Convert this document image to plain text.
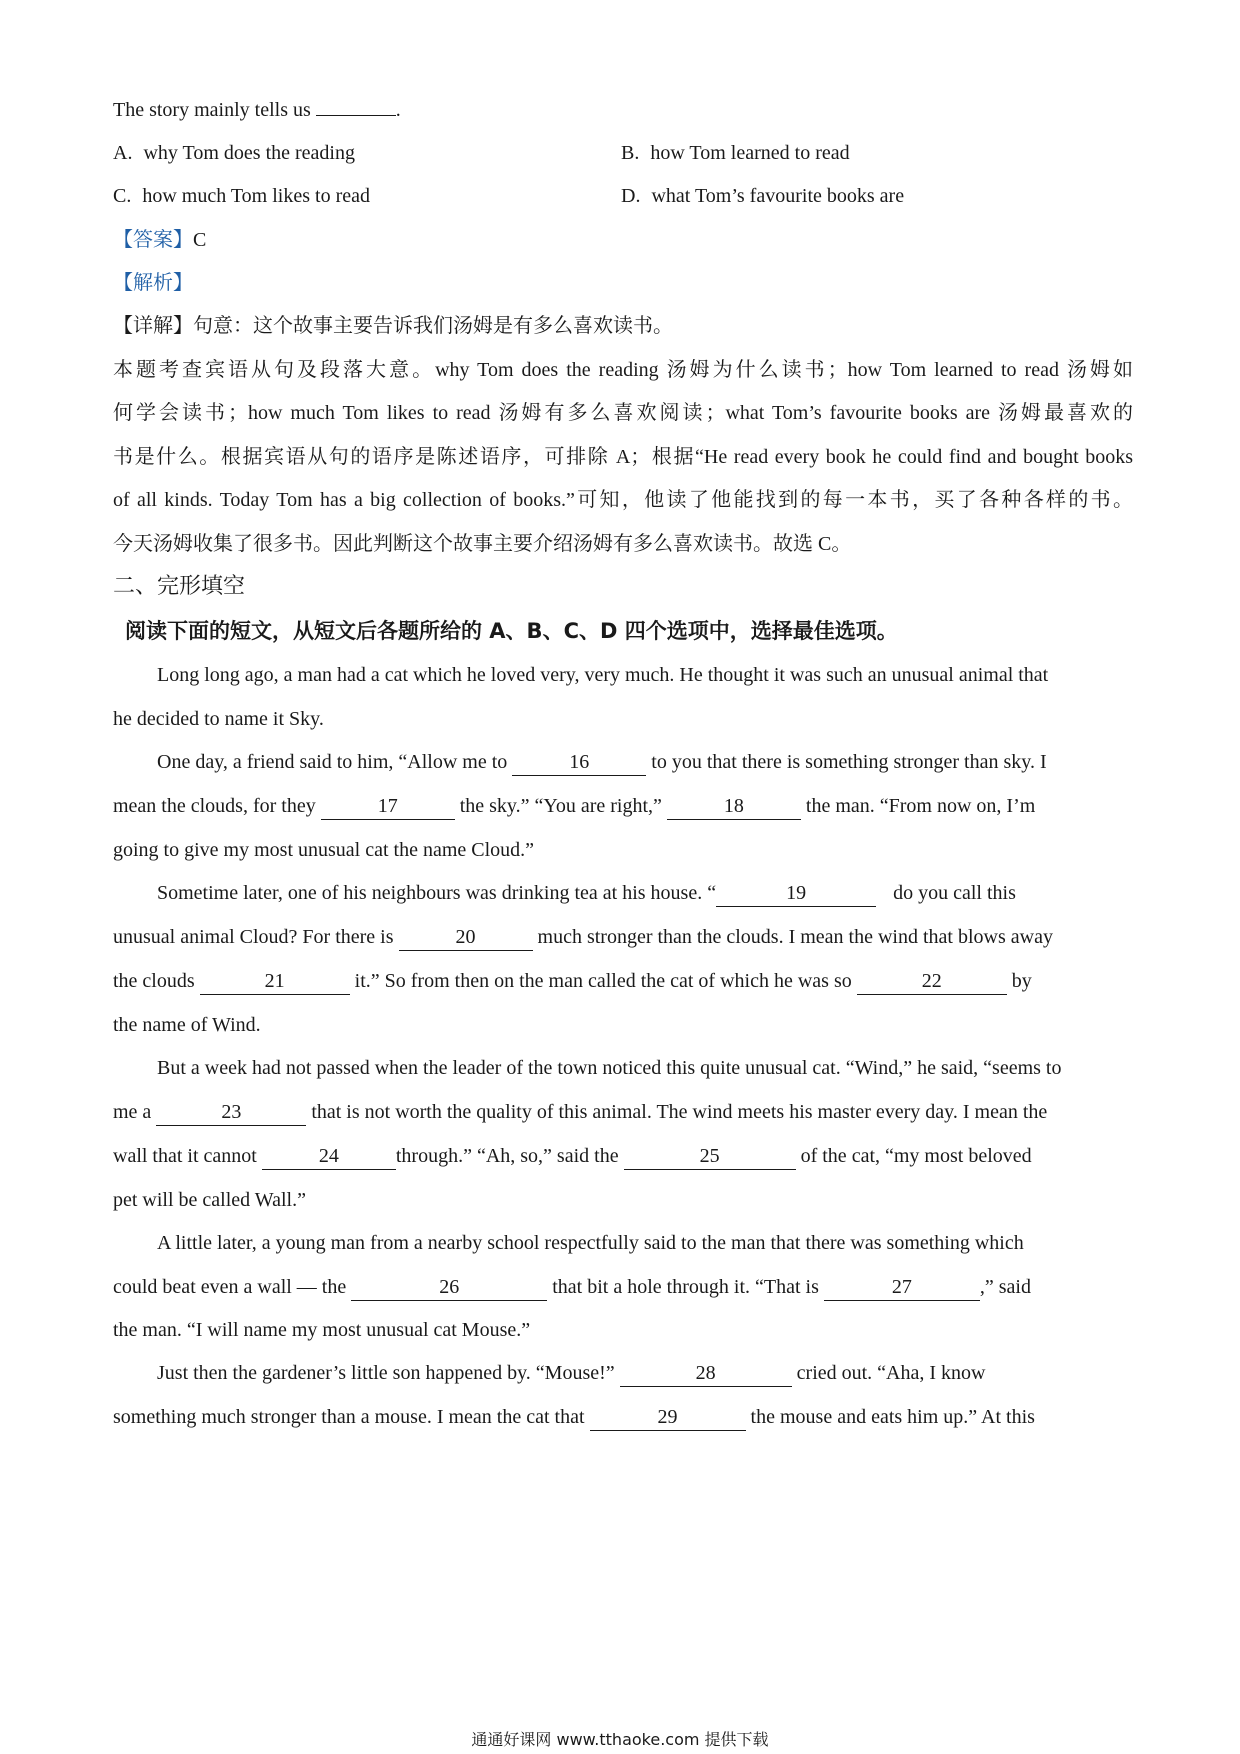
The story mainly tells us	.
A. why Tom does the reading	B. how Tom learned to read
C. how much Tom likes to read	D. what Tom’s favourite books are
【答案】C
【解析】
【详解】句意：这个故事主要告诉我们汤姆是有多么喜欢读书。
本题考查宾语从句及段落大意。why Tom does the reading 汤姆为什么读书；how Tom learned to read 汤姆如
何学会读书；how much Tom likes to read 汤姆有多么喜欢阅读；what Tom’s favourite books are 汤姆最喜欢的
书是什么。根据宾语从句的语序是陈述语序，可排除 A；根据“He read every book he could find and bought books
of all kinds. Today Tom has a big collection of books.”可知，他读了他能找到的每一本书，买了各种各样的书。
今天汤姆收集了很多书。因此判断这个故事主要介绍汤姆有多么喜欢读书。故选 C。
二、完形填空
阅读下面的短文，从短文后各题所给的 A、B、C、D 四个选项中，选择最佳选项。
Long long ago, a man had a cat which he loved very, very much. He thought it was such an unusual animal that
he decided to name it Sky.
One day, a friend said to him, “Allow me to	16	to you that there is something stronger than sky. I
mean the clouds, for they	17	the sky.” “You are right,”	18	the man. “From now on, I’m
going to give my most unusual cat the name Cloud.”
Sometime later, one of his neighbours was drinking tea at his house. “	19	do you call this
unusual animal Cloud? For there is	20	much stronger than the clouds. I mean the wind that blows away
the clouds	21	it.” So from then on the man called the cat of which he was so	22	by
the name of Wind.
But a week had not passed when the leader of the town noticed this quite unusual cat. “Wind,” he said, “seems to
me a	23	that is not worth the quality of this animal. The wind meets his master every day. I mean the
wall that it cannot	24	through.” “Ah, so,” said the	25	of the cat, “my most beloved
pet will be called Wall.”
A little later, a young man from a nearby school respectfully said to the man that there was something which
could beat even a wall — the	26	that bit a hole through it. “That is	27	,” said
the man. “I will name my most unusual cat Mouse.”
Just then the gardener’s little son happened by. “Mouse!”	28	cried out. “Aha, I know
something much stronger than a mouse. I mean the cat that	29	the mouse and eats him up.” At this
通通好课网 www.tthaoke.com 提供下载
